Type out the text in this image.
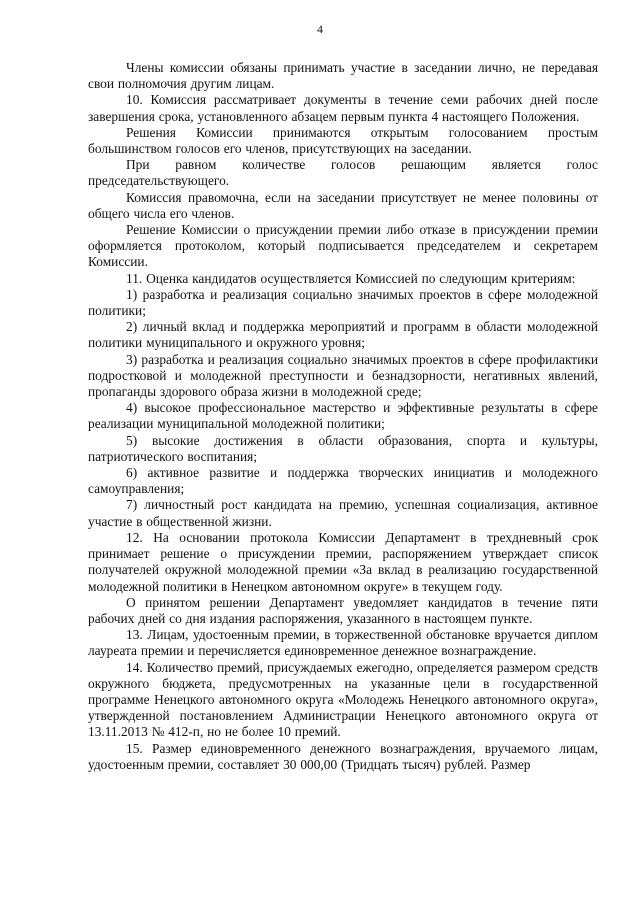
4

Члены комиссии обязаны принимать участие в заседании лично, не передавая свои полномочия другим лицам.

10. Комиссия рассматривает документы в течение семи рабочих дней после завершения срока, установленного абзацем первым пункта 4 настоящего Положения.

Решения Комиссии принимаются открытым голосованием простым большинством голосов его членов, присутствующих на заседании.

При равном количестве голосов решающим является голос председательствующего.

Комиссия правомочна, если на заседании присутствует не менее половины от общего числа его членов.

Решение Комиссии о присуждении премии либо отказе в присуждении премии оформляется протоколом, который подписывается председателем и секретарем Комиссии.

11. Оценка кандидатов осуществляется Комиссией по следующим критериям:

1) разработка и реализация социально значимых проектов в сфере молодежной политики;

2) личный вклад и поддержка мероприятий и программ в области молодежной политики муниципального и окружного уровня;

3) разработка и реализация социально значимых проектов в сфере профилактики подростковой и молодежной преступности и безнадзорности, негативных явлений, пропаганды здорового образа жизни в молодежной среде;

4) высокое профессиональное мастерство и эффективные результаты в сфере реализации муниципальной молодежной политики;

5) высокие достижения в области образования, спорта и культуры, патриотического воспитания;

6) активное развитие и поддержка творческих инициатив и молодежного самоуправления;

7) личностный рост кандидата на премию, успешная социализация, активное участие в общественной жизни.

12. На основании протокола Комиссии Департамент в трехдневный срок принимает решение о присуждении премии, распоряжением утверждает список получателей окружной молодежной премии «За вклад в реализацию государственной молодежной политики в Ненецком автономном округе» в текущем году.

О принятом решении Департамент уведомляет кандидатов в течение пяти рабочих дней со дня издания распоряжения, указанного в настоящем пункте.

13. Лицам, удостоенным премии, в торжественной обстановке вручается диплом лауреата премии и перечисляется единовременное денежное вознаграждение.

14. Количество премий, присуждаемых ежегодно, определяется размером средств окружного бюджета, предусмотренных на указанные цели в государственной программе Ненецкого автономного округа «Молодежь Ненецкого автономного округа», утвержденной постановлением Администрации Ненецкого автономного округа от 13.11.2013 № 412-п, но не более 10 премий.

15. Размер единовременного денежного вознаграждения, вручаемого лицам, удостоенным премии, составляет 30 000,00 (Тридцать тысяч) рублей. Размер
